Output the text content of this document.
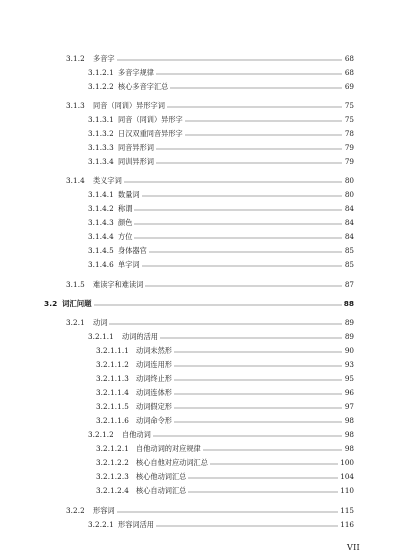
3.1.2	多音字	68
3.1.2.1 多音字规律	68
3.1.2.2 核心多音字汇总	69
3.1.3	同音（同训）异形字词	75
3.1.3.1 同音（同训）异形字	75
3.1.3.2 日汉双重同音异形字	78
3.1.3.3 同音异形词	79
3.1.3.4 同训异形词	79
3.1.4	类义字词	80
3.1.4.1 数量词	80
3.1.4.2 称谓	84
3.1.4.3 颜色	84
3.1.4.4 方位	84
3.1.4.5 身体器官	85
3.1.4.6 单字词	85
3.1.5	难读字和难读词	87
3.2 词汇问题	88
3.2.1	动词	89
3.2.1.1	动词的活用	89
3.2.1.1.1 动词未然形	90
3.2.1.1.2 动词连用形	93
3.2.1.1.3 动词终止形	95
3.2.1.1.4 动词连体形	96
3.2.1.1.5 动词假定形	97
3.2.1.1.6 动词命令形	98
3.2.1.2	自他动词	98
3.2.1.2.1 自他动词的对应规律	98
3.2.1.2.2 核心自他对应动词汇总	100
3.2.1.2.3 核心他动词汇总	104
3.2.1.2.4 核心自动词汇总	110
3.2.2	形容词	115
3.2.2.1 形容词活用	116
VII
